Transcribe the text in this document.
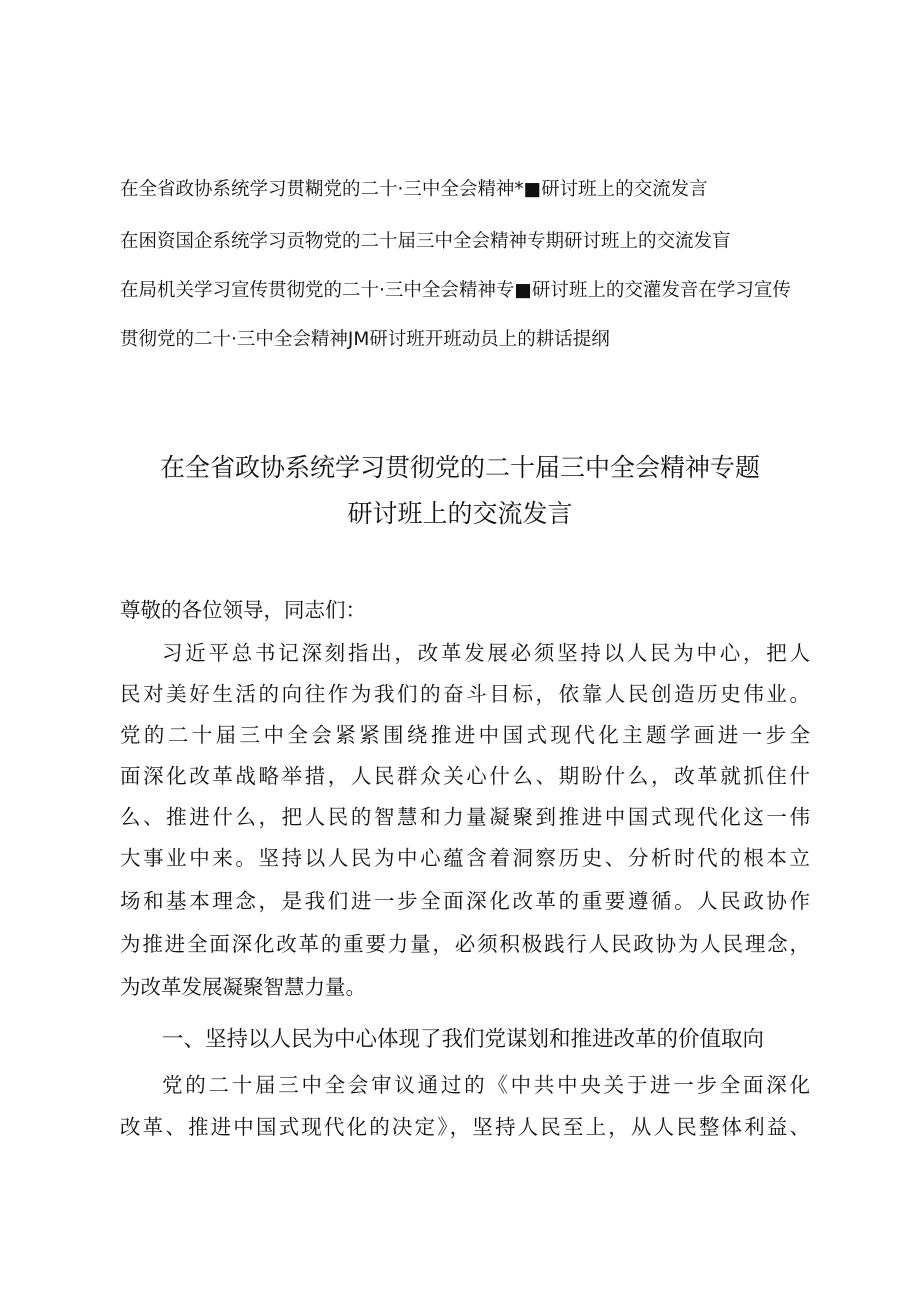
在全省政协系统学习贯糊党的二十·三中全会精神*■研讨班上的交流发言
在困资国企系统学习贡物党的二十届三中全会精神专期研讨班上的交流发盲
在局机关学习宣传贯彻党的二十·三中全会精神专■研讨班上的交灌发音在学习宣传
贯彻党的二十·三中全会精神JM研讨班开班动员上的耕话提纲
在全省政协系统学习贯彻党的二十届三中全会精神专题
研讨班上的交流发言
尊敬的各位领导，同志们：
习近平总书记深刻指出，改革发展必须坚持以人民为中心，把人
民对美好生活的向往作为我们的奋斗目标，依靠人民创造历史伟业。
党的二十届三中全会紧紧围绕推进中国式现代化主题学画进一步全
面深化改革战略举措，人民群众关心什么、期盼什么，改革就抓住什
么、推进什么，把人民的智慧和力量凝聚到推进中国式现代化这一伟
大事业中来。坚持以人民为中心蕴含着洞察历史、分析时代的根本立
场和基本理念，是我们进一步全面深化改革的重要遵循。人民政协作
为推进全面深化改革的重要力量，必须积极践行人民政协为人民理念，
为改革发展凝聚智慧力量。
一、坚持以人民为中心体现了我们党谋划和推进改革的价值取向
党的二十届三中全会审议通过的《中共中央关于进一步全面深化
改革、推进中国式现代化的决定》，坚持人民至上，从人民整体利益、
